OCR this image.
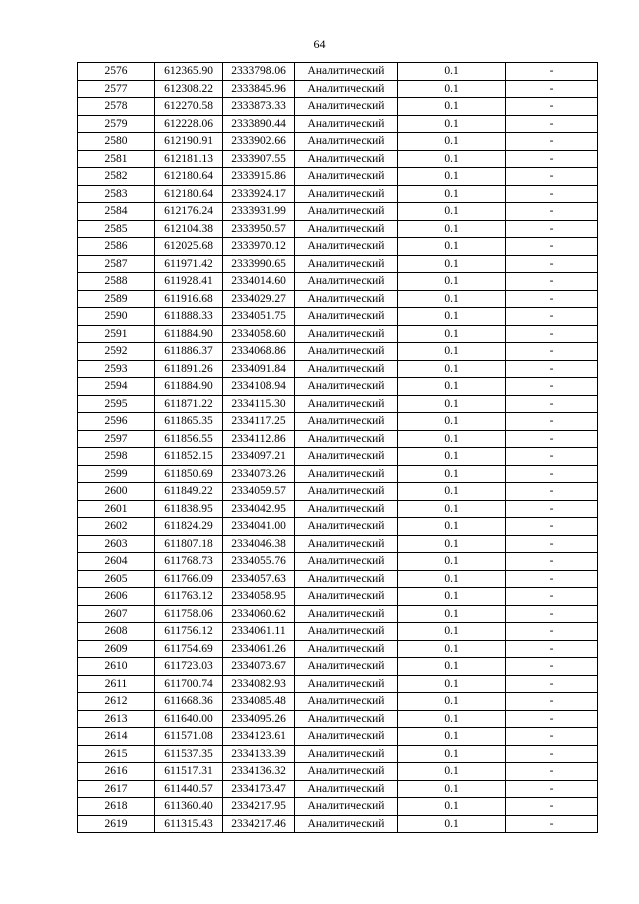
64
2576	612365.90	2333798.06	Аналитический	0.1	-
2577	612308.22	2333845.96	Аналитический	0.1	-
2578	612270.58	2333873.33	Аналитический	0.1	-
2579	612228.06	2333890.44	Аналитический	0.1	-
2580	612190.91	2333902.66	Аналитический	0.1	-
2581	612181.13	2333907.55	Аналитический	0.1	-
2582	612180.64	2333915.86	Аналитический	0.1	-
2583	612180.64	2333924.17	Аналитический	0.1	-
2584	612176.24	2333931.99	Аналитический	0.1	-
2585	612104.38	2333950.57	Аналитический	0.1	-
2586	612025.68	2333970.12	Аналитический	0.1	-
2587	611971.42	2333990.65	Аналитический	0.1	-
2588	611928.41	2334014.60	Аналитический	0.1	-
2589	611916.68	2334029.27	Аналитический	0.1	-
2590	611888.33	2334051.75	Аналитический	0.1	-
2591	611884.90	2334058.60	Аналитический	0.1	-
2592	611886.37	2334068.86	Аналитический	0.1	-
2593	611891.26	2334091.84	Аналитический	0.1	-
2594	611884.90	2334108.94	Аналитический	0.1	-
2595	611871.22	2334115.30	Аналитический	0.1	-
2596	611865.35	2334117.25	Аналитический	0.1	-
2597	611856.55	2334112.86	Аналитический	0.1	-
2598	611852.15	2334097.21	Аналитический	0.1	-
2599	611850.69	2334073.26	Аналитический	0.1	-
2600	611849.22	2334059.57	Аналитический	0.1	-
2601	611838.95	2334042.95	Аналитический	0.1	-
2602	611824.29	2334041.00	Аналитический	0.1	-
2603	611807.18	2334046.38	Аналитический	0.1	-
2604	611768.73	2334055.76	Аналитический	0.1	-
2605	611766.09	2334057.63	Аналитический	0.1	-
2606	611763.12	2334058.95	Аналитический	0.1	-
2607	611758.06	2334060.62	Аналитический	0.1	-
2608	611756.12	2334061.11	Аналитический	0.1	-
2609	611754.69	2334061.26	Аналитический	0.1	-
2610	611723.03	2334073.67	Аналитический	0.1	-
2611	611700.74	2334082.93	Аналитический	0.1	-
2612	611668.36	2334085.48	Аналитический	0.1	-
2613	611640.00	2334095.26	Аналитический	0.1	-
2614	611571.08	2334123.61	Аналитический	0.1	-
2615	611537.35	2334133.39	Аналитический	0.1	-
2616	611517.31	2334136.32	Аналитический	0.1	-
2617	611440.57	2334173.47	Аналитический	0.1	-
2618	611360.40	2334217.95	Аналитический	0.1	-
2619	611315.43	2334217.46	Аналитический	0.1	-
